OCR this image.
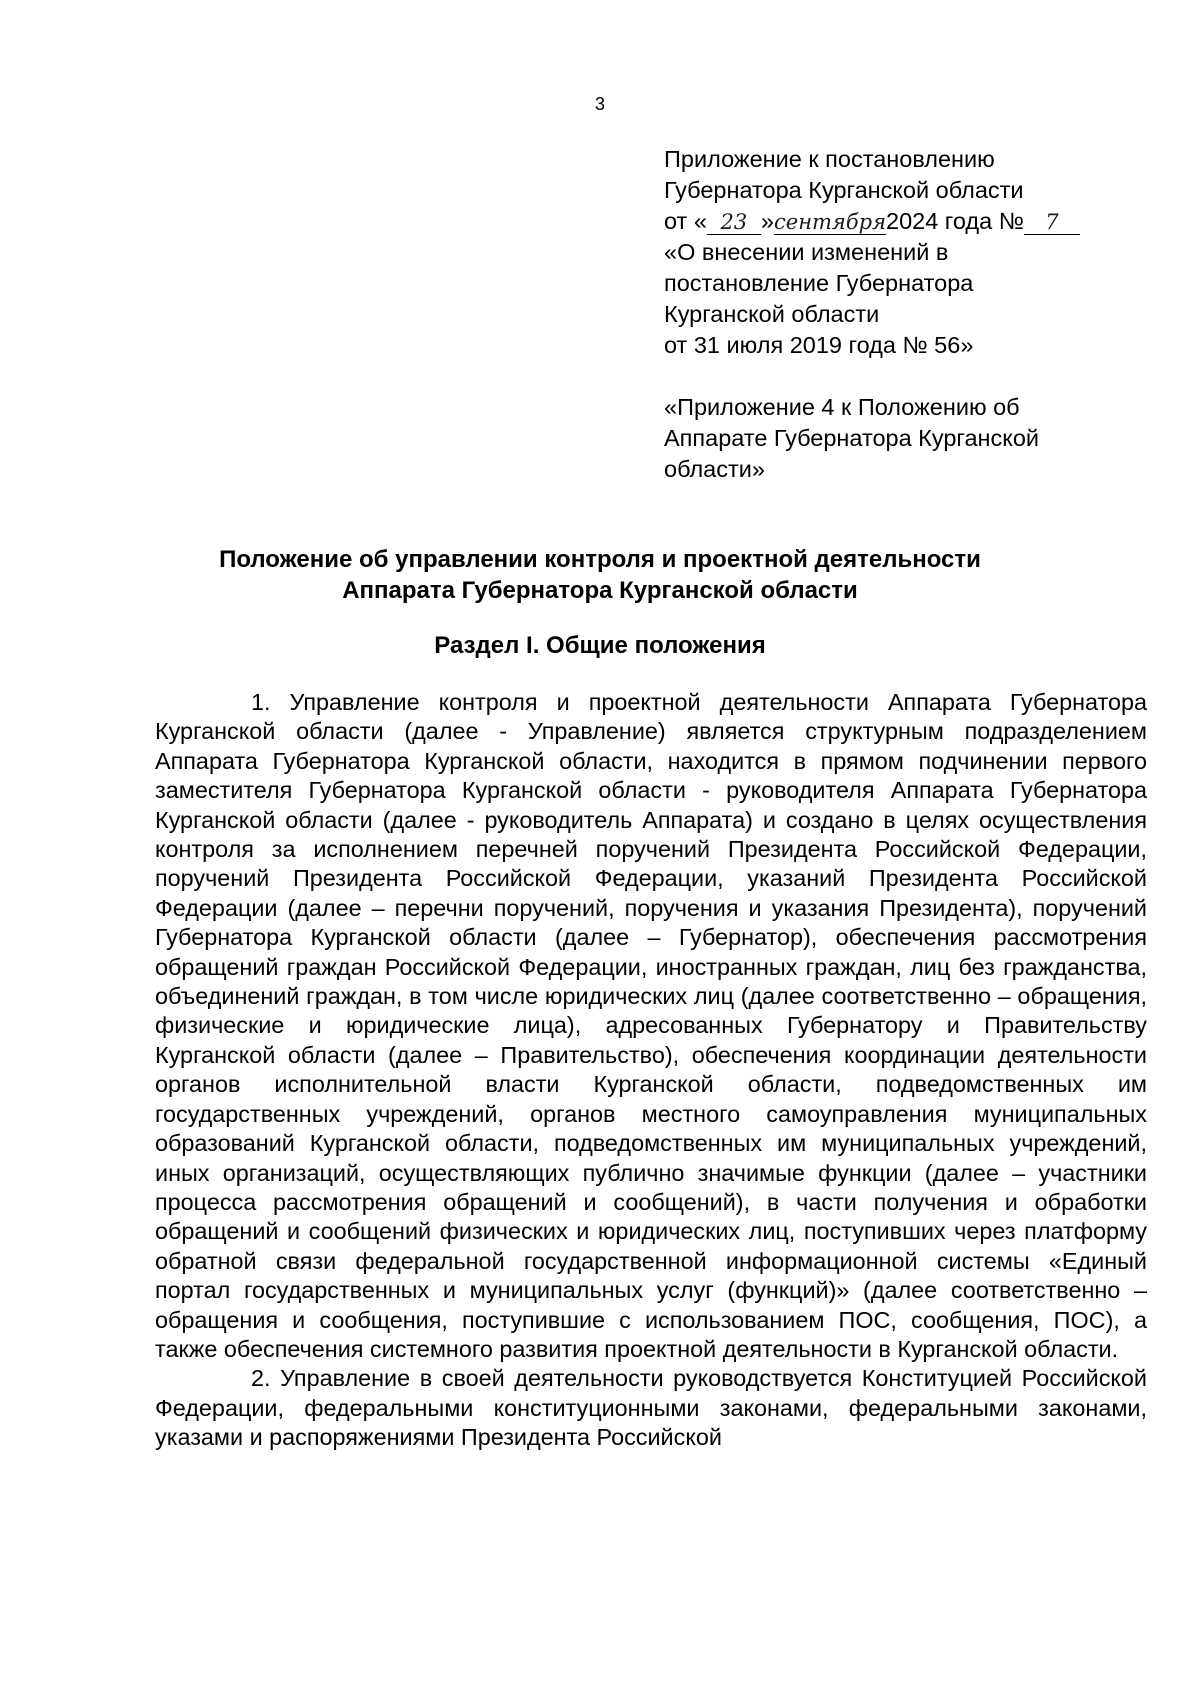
3
Приложение к постановлению
Губернатора Курганской области
от « 23 »сентября2024 года № 7
«О внесении изменений в
постановление Губернатора
Курганской области
от 31 июля 2019 года № 56»
«Приложение 4 к Положению об
Аппарате Губернатора Курганской
области»
Положение об управлении контроля и проектной деятельности
Аппарата Губернатора Курганской области
Раздел I. Общие положения

1. Управление контроля и проектной деятельности Аппарата Губернатора Курганской области (далее - Управление) является структурным подразделением Аппарата Губернатора Курганской области, находится в прямом подчинении первого заместителя Губернатора Курганской области - руководителя Аппарата Губернатора Курганской области (далее - руководитель Аппарата) и создано в целях осуществления контроля за исполнением перечней поручений Президента Российской Федерации, поручений Президента Российской Федерации, указаний Президента Российской Федерации (далее – перечни поручений, поручения и указания Президента), поручений Губернатора Курганской области (далее – Губернатор), обеспечения рассмотрения обращений граждан Российской Федерации, иностранных граждан, лиц без гражданства, объединений граждан, в том числе юридических лиц (далее соответственно – обращения, физические и юридические лица), адресованных Губернатору и Правительству Курганской области (далее – Правительство), обеспечения координации деятельности органов исполнительной власти Курганской области, подведомственных им государственных учреждений, органов местного самоуправления муниципальных образований Курганской области, подведомственных им муниципальных учреждений, иных организаций, осуществляющих публично значимые функции (далее – участники процесса рассмотрения обращений и сообщений), в части получения и обработки обращений и сообщений физических и юридических лиц, поступивших через платформу обратной связи федеральной государственной информационной системы «Единый портал государственных и муниципальных услуг (функций)» (далее соответственно – обращения и сообщения, поступившие с использованием ПОС, сообщения, ПОС), а также обеспечения системного развития проектной деятельности в Курганской области.

2. Управление в своей деятельности руководствуется Конституцией Российской Федерации, федеральными конституционными законами, федеральными законами, указами и распоряжениями Президента Российской
